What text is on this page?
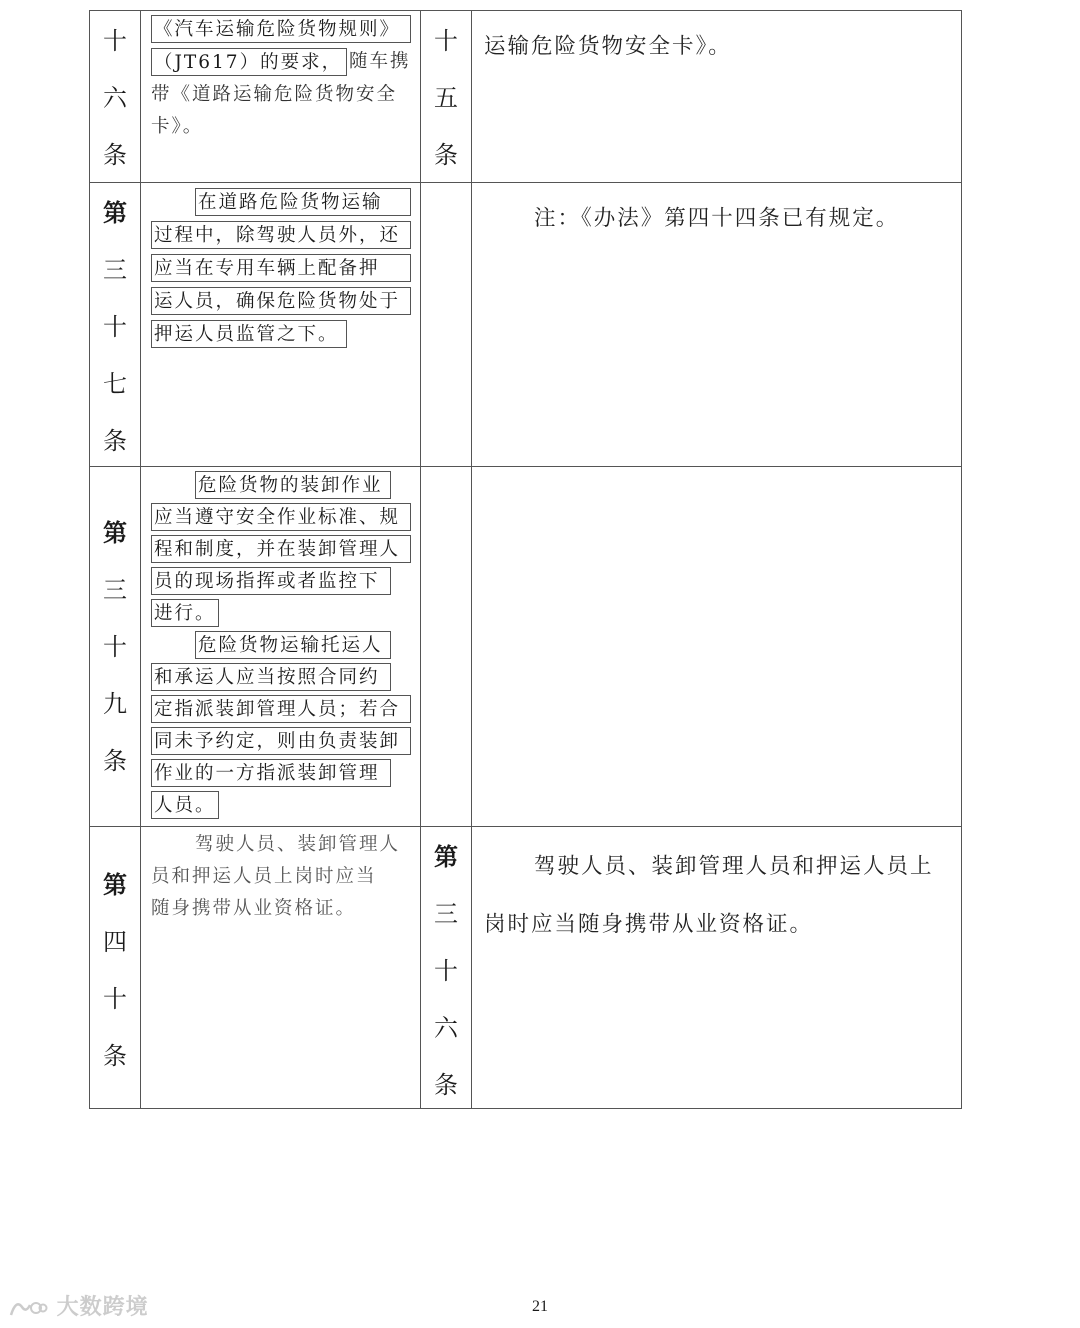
十
六
条
《汽车运输危险货物规则》
（JT617）的要求， 随车携
带《道路运输危险货物安全
卡》。
十
五
条
运输危险货物安全卡》。
第
三
十
七
条
在道路危险货物运输
过程中，除驾驶人员外，还
应当在专用车辆上配备押
运人员，确保危险货物处于
押运人员监管之下。
注：《办法》第四十四条已有规定。
第
三
十
九
条
危险货物的装卸作业
应当遵守安全作业标准、规
程和制度，并在装卸管理人
员的现场指挥或者监控下
进行。
危险货物运输托运人
和承运人应当按照合同约
定指派装卸管理人员；若合
同未予约定，则由负责装卸
作业的一方指派装卸管理
人员。
第
四
十
条
驾驶人员、装卸管理人
员和押运人员上岗时应当
随身携带从业资格证。
第
三
十
六
条
驾驶人员、装卸管理人员和押运人员上
岗时应当随身携带从业资格证。
21
大数跨境
